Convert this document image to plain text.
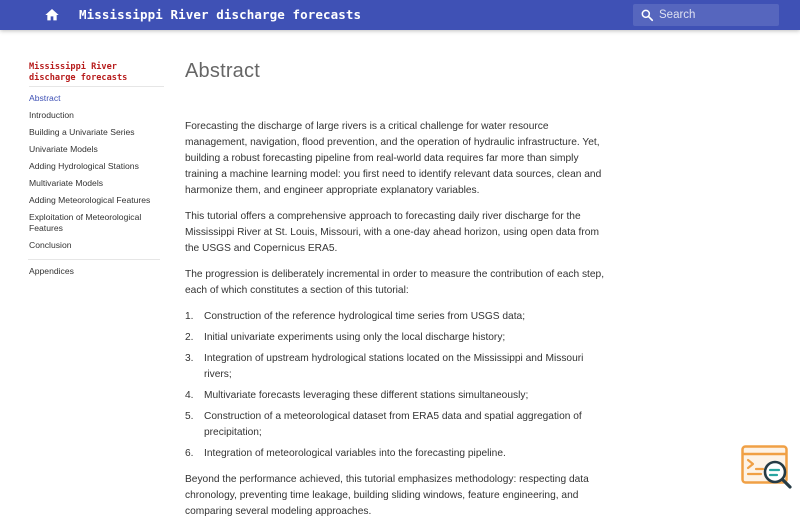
Mississippi River discharge forecasts
Search
Mississippi River
discharge forecasts
Abstract
Introduction
Building a Univariate Series
Univariate Models
Adding Hydrological Stations
Multivariate Models
Adding Meteorological Features
Exploitation of Meteorological Features
Conclusion
Appendices
Abstract

Forecasting the discharge of large rivers is a critical challenge for water resource management, navigation, flood prevention, and the operation of hydraulic infrastructure. Yet, building a robust forecasting pipeline from real-world data requires far more than simply training a machine learning model: you first need to identify relevant data sources, clean and harmonize them, and engineer appropriate explanatory variables.

This tutorial offers a comprehensive approach to forecasting daily river discharge for the Mississippi River at St. Louis, Missouri, with a one-day ahead horizon, using open data from the USGS and Copernicus ERA5.

The progression is deliberately incremental in order to measure the contribution of each step, each of which constitutes a section of this tutorial:

1.	Construction of the reference hydrological time series from USGS data;
2.	Initial univariate experiments using only the local discharge history;
3.	Integration of upstream hydrological stations located on the Mississippi and Missouri rivers;
4.	Multivariate forecasts leveraging these different stations simultaneously;
5.	Construction of a meteorological dataset from ERA5 data and spatial aggregation of precipitation;
6.	Integration of meteorological variables into the forecasting pipeline.

Beyond the performance achieved, this tutorial emphasizes methodology: respecting data chronology, preventing time leakage, building sliding windows, feature engineering, and comparing several modeling approaches.
